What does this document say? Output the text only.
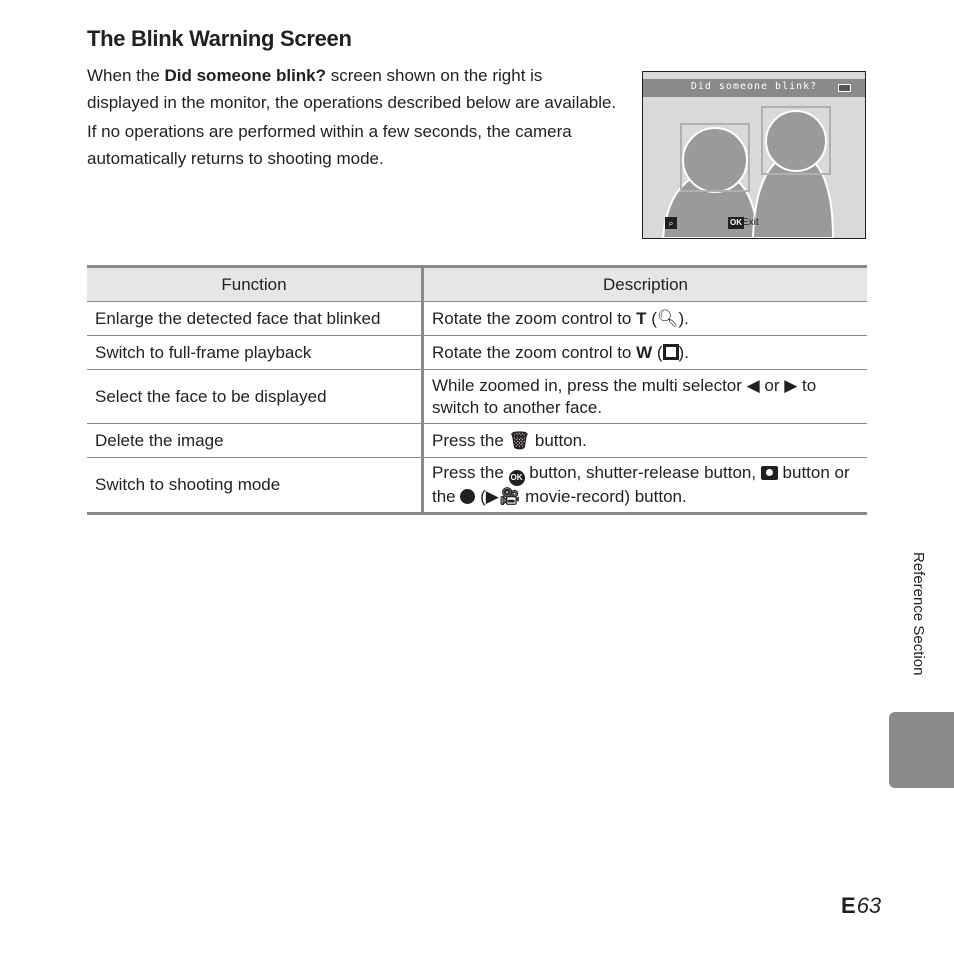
The Blink Warning Screen

When the Did someone blink? screen shown on the right is displayed in the monitor, the operations described below are available.

If no operations are performed within a few seconds, the camera automatically returns to shooting mode.

Did someone blink?
⌕	OK Exit
Function	Description
Enlarge the detected face that blinked	Rotate the zoom control to T (🔍︎).
Switch to full-frame playback	Rotate the zoom control to W ( ).
Select the face to be displayed	While zoomed in, press the multi selector ◀ or ▶ to switch to another face.
Delete the image	Press the 🗑︎ button.
Switch to shooting mode	Press the OK button, shutter-release button,  button or the  (▶︎🎥︎ movie-record) button.
Reference Section
E63
